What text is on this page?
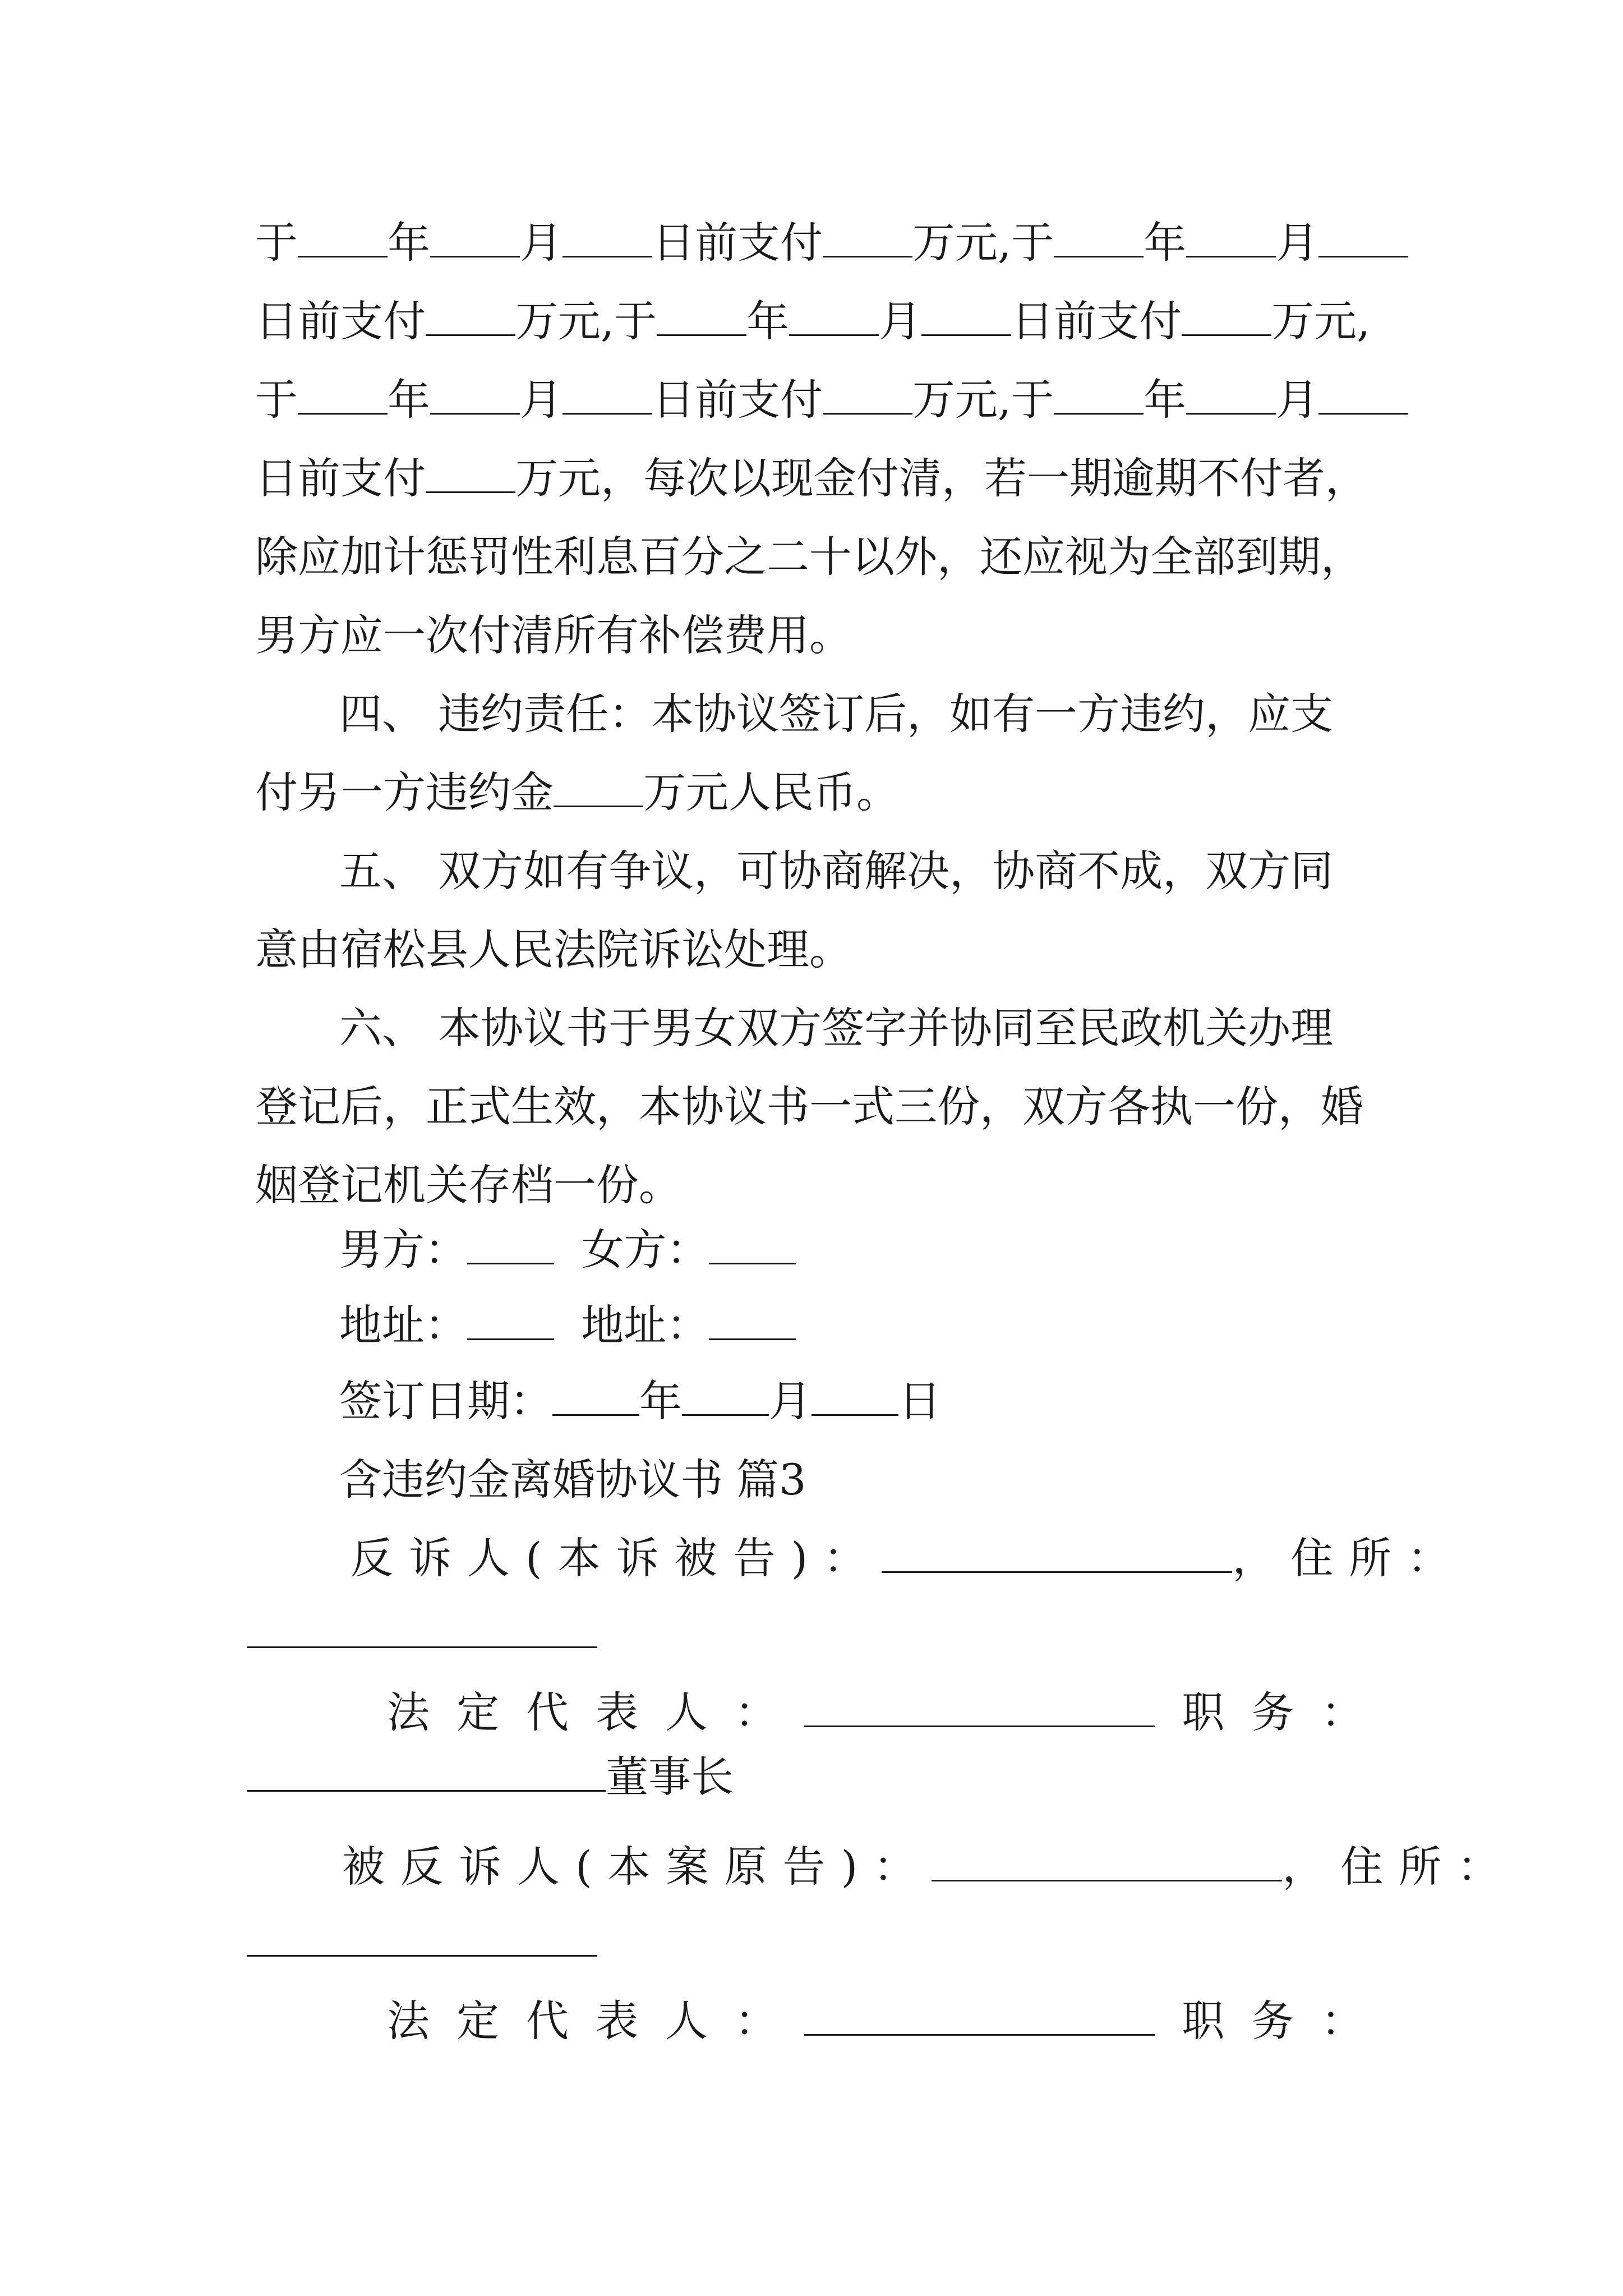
于 年 月 日前支付 万元,于 年 月
日前支付 万元,于 年 月 日前支付 万元,
于 年 月 日前支付 万元,于 年 月
日前支付 万元，每次以现金付清，若一期逾期不付者，
除应加计惩罚性利息百分之二十以外，还应视为全部到期，
男方应一次付清所有补偿费用。
四、 违约责任：本协议签订后，如有一方违约，应支
付另一方违约金 万元人民币。
五、 双方如有争议，可协商解决，协商不成，双方同
意由宿松县人民法院诉讼处理。
六、 本协议书于男女双方签字并协同至民政机关办理
登记后，正式生效，本协议书一式三份，双方各执一份，婚
姻登记机关存档一份。
男方：	女方：
地址：	地址：
签订日期： 年 月 日
含违约金离婚协议书 篇3
反诉人(本诉被告)：	，住所：
法定代表人：	职务：
董事长
被反诉人(本案原告)：	，住所：
法定代表人：	职务：
